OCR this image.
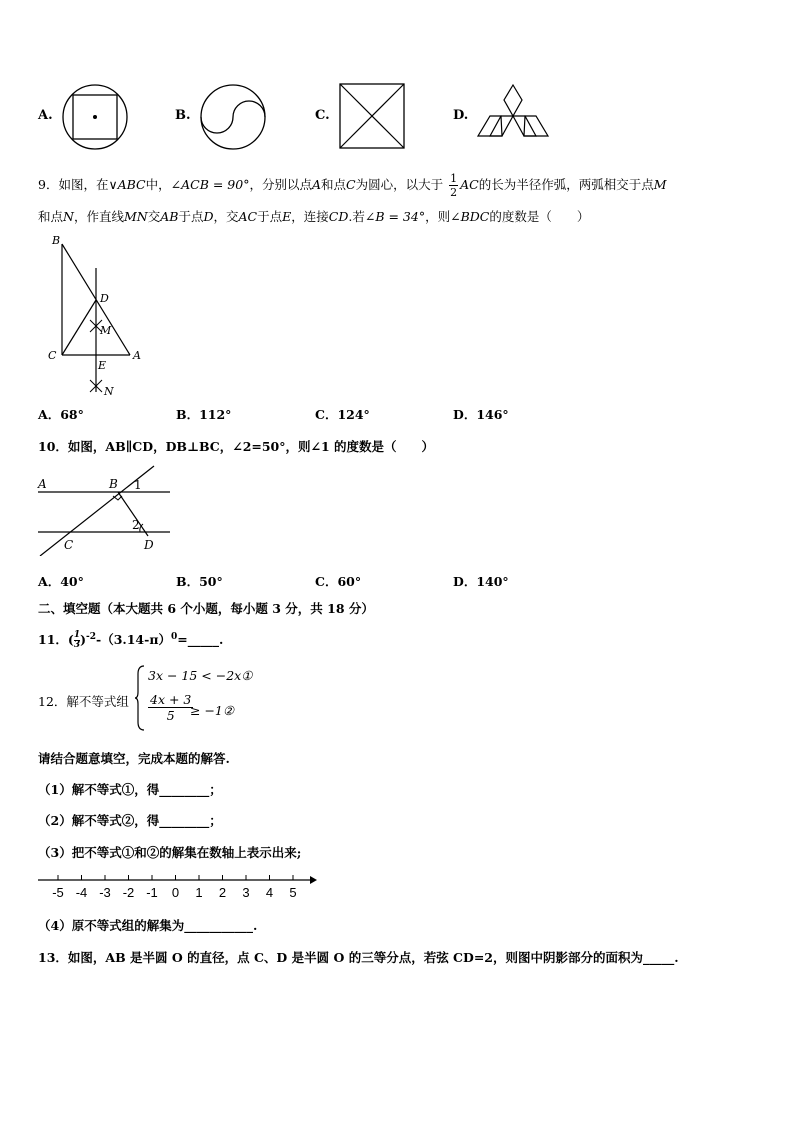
A.	B.	C.	D.
9．如图，在∨ABC中，∠ACB = 90°，分别以点A和点C为圆心，以大于 $\frac{1}{2}$ AC的长为半径作弧，两弧相交于点M
和点N，作直线MN交AB于点D，交AC于点E，连接CD.若∠B = 34°，则∠BDC的度数是（　　）
B
D
M
C	A
E
N
A．68°	B．112°	C．124°	D．146°
10．如图，AB∥CD，DB⊥BC，∠2=50°，则∠1 的度数是（　　）
A	B 1
2
C	D
A．40°	B．50°	C．60°	D．140°
二、填空题（本大题共 6 个小题，每小题 3 分，共 18 分）
11．( $\frac{1}{3}$ )$^{-2}-(3.14-\pi)^0=\_\_\_\_\_$.
12．解不等式组
3x − 15 < −2x①
$\frac{4x + 3}{5}$
≥ −1②
请结合题意填空，完成本题的解答.
（1）解不等式①，得________；
（2）解不等式②，得________；
（3）把不等式①和②的解集在数轴上表示出来;
-5 -4 -3 -2 -1 0 1 2 3 4 5
（4）原不等式组的解集为___________.
13．如图，AB 是半圆 O 的直径，点 C、D 是半圆 O 的三等分点，若弦 CD=2，则图中阴影部分的面积为_____.
